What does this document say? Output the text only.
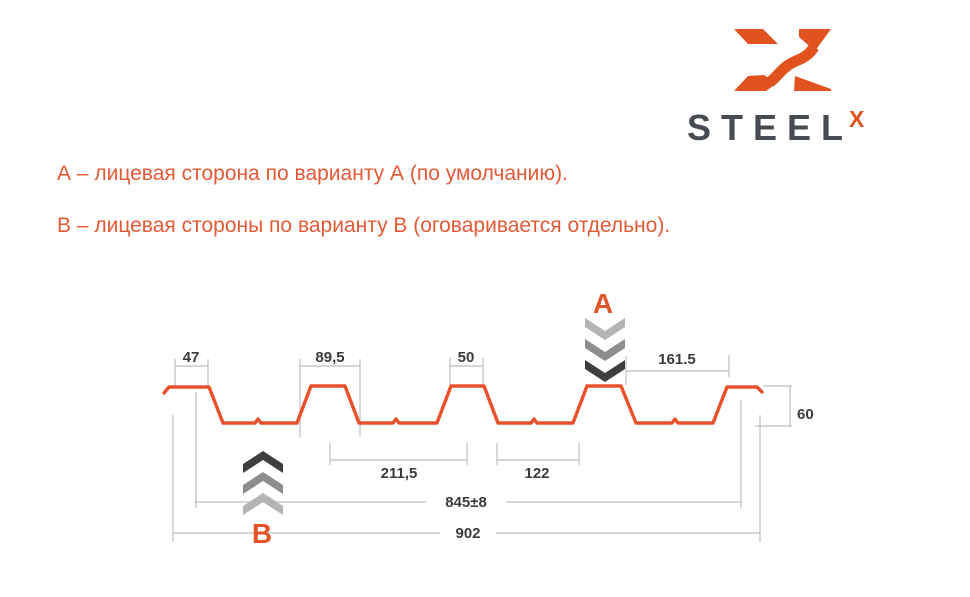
А – лицевая сторона по варианту А (по умолчанию).
В – лицевая стороны по варианту В (оговаривается отдельно).
$STEEL^X$
A
B
47	89,5	50	161.5
60
211,5	122
845±8
902
